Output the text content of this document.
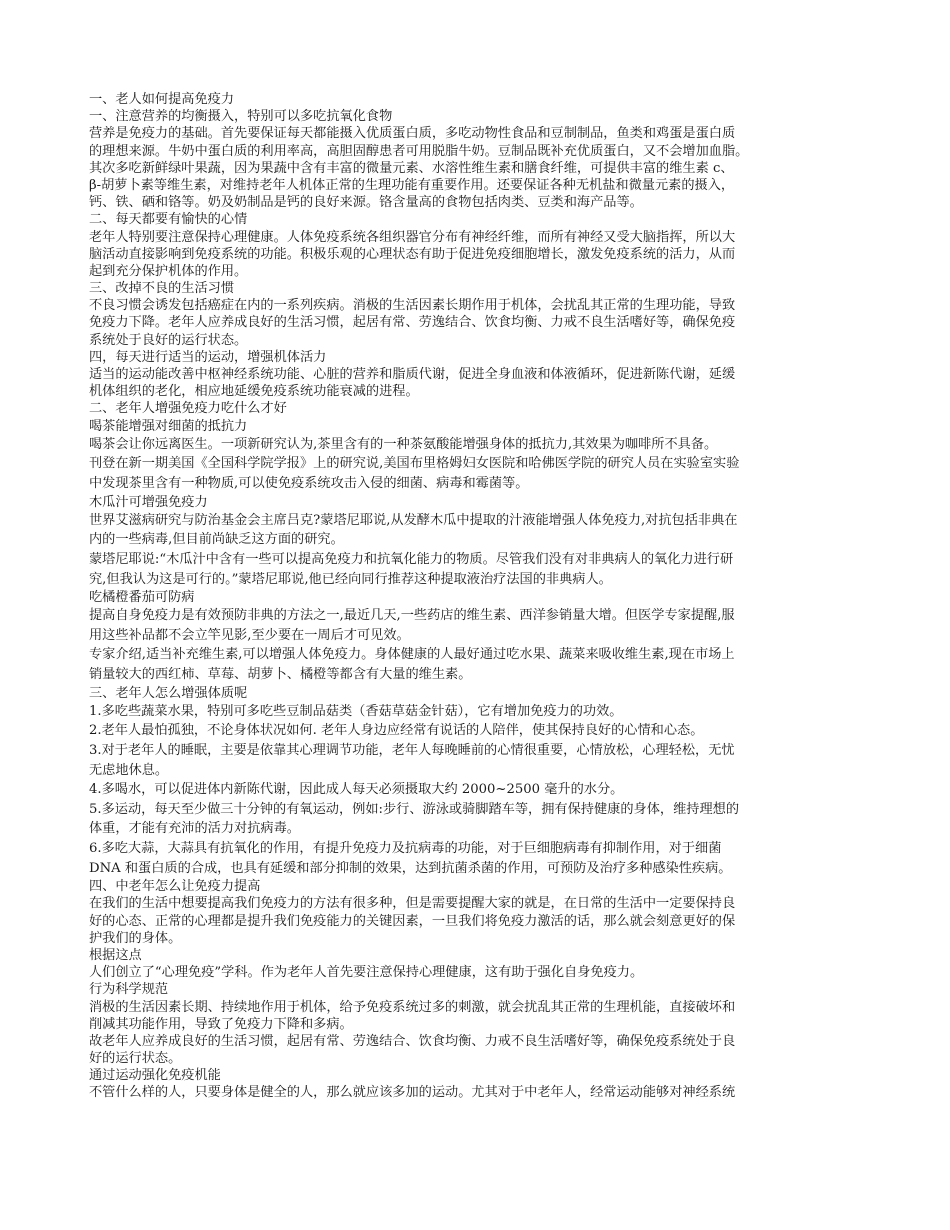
一、老人如何提高免疫力
一、注意营养的均衡摄入，特别可以多吃抗氧化食物
营养是免疫力的基础。首先要保证每天都能摄入优质蛋白质，多吃动物性食品和豆制制品，鱼类和鸡蛋是蛋白质
的理想来源。牛奶中蛋白质的利用率高，高胆固醇患者可用脱脂牛奶。豆制品既补充优质蛋白，又不会增加血脂。
其次多吃新鲜绿叶果蔬，因为果蔬中含有丰富的微量元素、水溶性维生素和膳食纤维，可提供丰富的维生素 c、
β-胡萝卜素等维生素，对维持老年人机体正常的生理功能有重要作用。还要保证各种无机盐和微量元素的摄入，
钙、铁、硒和铬等。奶及奶制品是钙的良好来源。铬含量高的食物包括肉类、豆类和海产品等。
二、每天都要有愉快的心情
老年人特别要注意保持心理健康。人体免疫系统各组织器官分布有神经纤维，而所有神经又受大脑指挥，所以大
脑活动直接影响到免疫系统的功能。积极乐观的心理状态有助于促进免疫细胞增长，激发免疫系统的活力，从而
起到充分保护机体的作用。
三、改掉不良的生活习惯
不良习惯会诱发包括癌症在内的一系列疾病。消极的生活因素长期作用于机体，会扰乱其正常的生理功能，导致
免疫力下降。老年人应养成良好的生活习惯，起居有常、劳逸结合、饮食均衡、力戒不良生活嗜好等，确保免疫
系统处于良好的运行状态。
四，每天进行适当的运动，增强机体活力
适当的运动能改善中枢神经系统功能、心脏的营养和脂质代谢，促进全身血液和体液循环，促进新陈代谢，延缓
机体组织的老化，相应地延缓免疫系统功能衰减的进程。
二、老年人增强免疫力吃什么才好
喝茶能增强对细菌的抵抗力
喝茶会让你远离医生。一项新研究认为,茶里含有的一种茶氨酸能增强身体的抵抗力,其效果为咖啡所不具备。
刊登在新一期美国《全国科学院学报》上的研究说,美国布里格姆妇女医院和哈佛医学院的研究人员在实验室实验
中发现茶里含有一种物质,可以使免疫系统攻击入侵的细菌、病毒和霉菌等。
木瓜汁可增强免疫力
世界艾滋病研究与防治基金会主席吕克?蒙塔尼耶说,从发酵木瓜中提取的汁液能增强人体免疫力,对抗包括非典在
内的一些病毒,但目前尚缺乏这方面的研究。
蒙塔尼耶说:“木瓜汁中含有一些可以提高免疫力和抗氧化能力的物质。尽管我们没有对非典病人的氧化力进行研
究,但我认为这是可行的。”蒙塔尼耶说,他已经向同行推荐这种提取液治疗法国的非典病人。
吃橘橙番茄可防病
提高自身免疫力是有效预防非典的方法之一,最近几天,一些药店的维生素、西洋参销量大增。但医学专家提醒,服
用这些补品都不会立竿见影,至少要在一周后才可见效。
专家介绍,适当补充维生素,可以增强人体免疫力。身体健康的人最好通过吃水果、蔬菜来吸收维生素,现在市场上
销量较大的西红柿、草莓、胡萝卜、橘橙等都含有大量的维生素。
三、老年人怎么增强体质呢
1.多吃些蔬菜水果，特别可多吃些豆制品菇类（香菇草菇金针菇），它有增加免疫力的功效。
2.老年人最怕孤独，不论身体状况如何. 老年人身边应经常有说话的人陪伴，使其保持良好的心情和心态。
3.对于老年人的睡眠，主要是依靠其心理调节功能，老年人每晚睡前的心情很重要，心情放松，心理轻松，无忧
无虑地休息。
4.多喝水，可以促进体内新陈代谢，因此成人每天必须摄取大约 2000~2500 毫升的水分。
5.多运动，每天至少做三十分钟的有氧运动，例如:步行、游泳或骑脚踏车等，拥有保持健康的身体，维持理想的
体重，才能有充沛的活力对抗病毒。
6.多吃大蒜，大蒜具有抗氧化的作用，有提升免疫力及抗病毒的功能，对于巨细胞病毒有抑制作用，对于细菌
DNA 和蛋白质的合成，也具有延缓和部分抑制的效果，达到抗菌杀菌的作用，可预防及治疗多种感染性疾病。
四、中老年怎么让免疫力提高
在我们的生活中想要提高我们免疫力的方法有很多种，但是需要提醒大家的就是，在日常的生活中一定要保持良
好的心态、正常的心理都是提升我们免疫能力的关键因素，一旦我们将免疫力激活的话，那么就会刻意更好的保
护我们的身体。
根据这点
人们创立了“心理免疫”学科。作为老年人首先要注意保持心理健康，这有助于强化自身免疫力。
行为科学规范
消极的生活因素长期、持续地作用于机体，给予免疫系统过多的刺激，就会扰乱其正常的生理机能，直接破坏和
削减其功能作用，导致了免疫力下降和多病。
故老年人应养成良好的生活习惯，起居有常、劳逸结合、饮食均衡、力戒不良生活嗜好等，确保免疫系统处于良
好的运行状态。
通过运动强化免疫机能
不管什么样的人，只要身体是健全的人，那么就应该多加的运动。尤其对于中老年人，经常运动能够对神经系统
